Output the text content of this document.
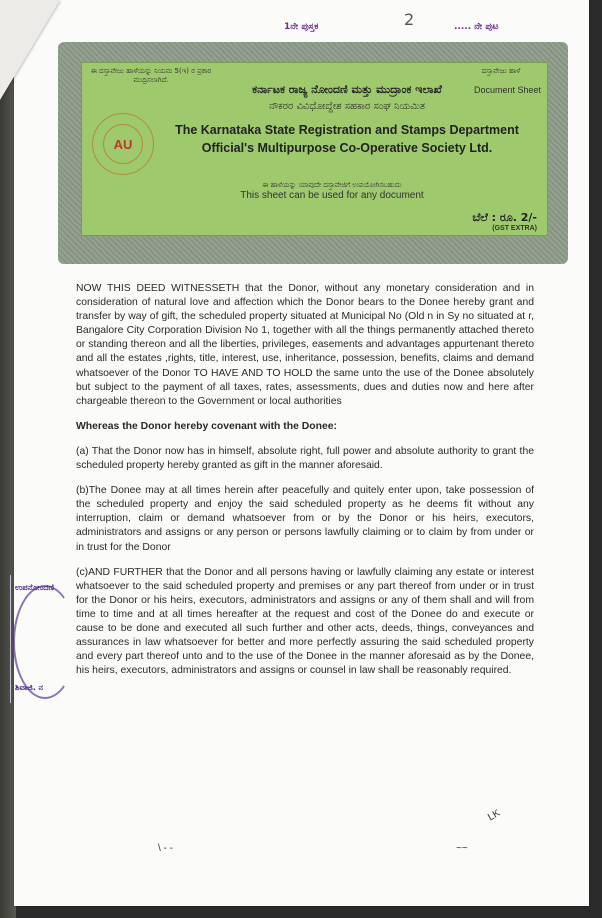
1ನೇ ಪುಸ್ತಕ	2	..... ನೇ ಪುಟ
ಈ ದಸ್ತಾವೇಜು ಹಾಳೆಯನ್ನು ನಿಯಮ 5(ಇ) ರ ಪ್ರಕಾರ ಮುದ್ರಿಸಲಾಗಿದೆ.
ದಸ್ತಾವೇಜು ಹಾಳೆ
Document Sheet
ಕರ್ನಾಟಕ ರಾಜ್ಯ ನೋಂದಣಿ ಮತ್ತು ಮುದ್ರಾಂಕ ಇಲಾಖೆ
ನೌಕರರ ವಿವಿಧೋದ್ದೇಶ ಸಹಕಾರ ಸಂಘ ನಿಯಮಿತ
AU
The Karnataka State Registration and Stamps Department
Official's Multipurpose Co-Operative Society Ltd.
ಈ ಹಾಳೆಯನ್ನು ಯಾವುದೇ ದಸ್ತಾವೇಜಿಗೆ ಉಪಯೋಗಿಸಬಹುದು
This sheet can be used for any document
ಬೆಲೆ : ರೂ. 2/-
(GST EXTRA)

NOW THIS DEED WITNESSETH that the Donor, without any monetary consideration and in consideration of natural love and affection which the Donor bears to the Donee hereby grant and transfer by way of gift, the scheduled property situated at Municipal No (Old n in Sy no situated at r, Bangalore City Corporation Division No 1, together with all the things permanently attached thereto or standing thereon and all the liberties, privileges, easements and advantages appurtenant thereto and all the estates ,rights, title, interest, use, inheritance, possession, benefits, claims and demand whatsoever of the Donor TO HAVE AND TO HOLD the same unto the use of the Donee absolutely but subject to the payment of all taxes, rates, assessments, dues and duties now and here after chargeable thereon to the Government or local authorities

Whereas the Donor hereby covenant with the Donee:

(a) That the Donor now has in himself, absolute right, full power and absolute authority to grant the scheduled property hereby granted as gift in the manner aforesaid.

(b)The Donee may at all times herein after peacefully and quitely enter upon, take possession of the scheduled property and enjoy the said scheduled property as he deems fit without any interruption, claim or demand whatsoever from or by the Donor or his heirs, executors, administrators and assigns or any person or persons lawfully claiming or to claim by from under or in trust for the Donor

(c)AND FURTHER that the Donor and all persons having or lawfully claiming any estate or interest whatsoever to the said scheduled property and premises or any part thereof from under or in trust for the Donor or his heirs, executors, administrators and assigns or any of them shall and will from time to time and at all times hereafter at the request and cost of the Donee do and execute or cause to be done and executed all such further and other acts, deeds, things, conveyances and assurances in law whatsoever for better and more perfectly assuring the said scheduled property and every part thereof unto and to the use of the Donee in the manner aforesaid as by the Donee, his heirs, executors, administrators and assigns or counsel in law shall be reasonably required.

ಉಪನೋಂದಣಿ
ಶಿವಾಜಿ. ನ
LK
\ - -	~~
